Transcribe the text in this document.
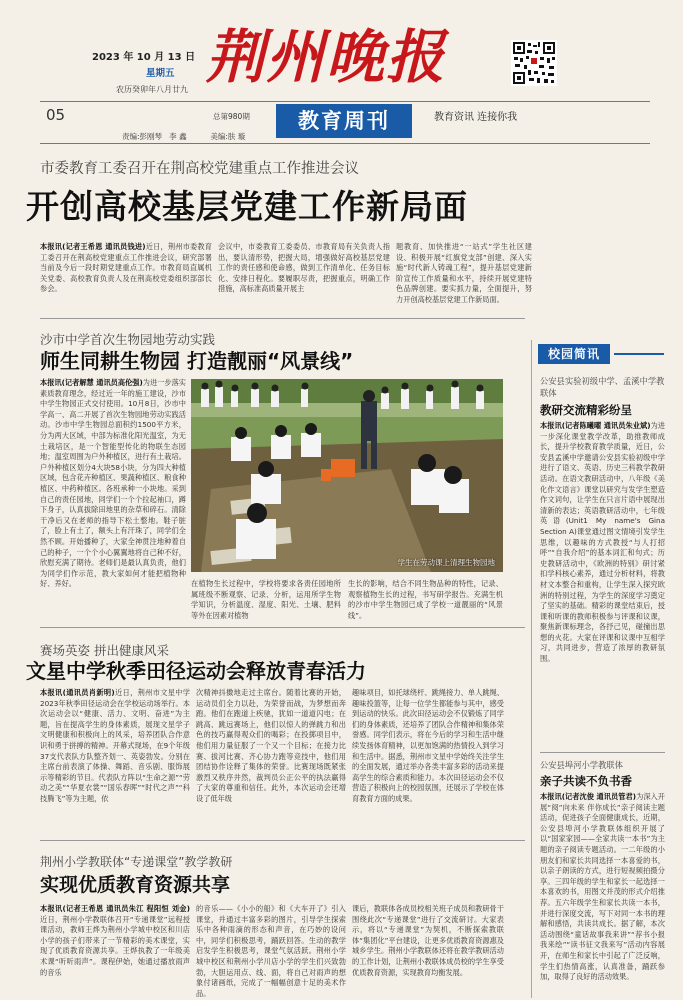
2023 年 10 月 13 日
星期五
农历癸卯年八月廿九 荆州晚报
05	总第980期	教育周刊	教育资讯 连接你我
责编:彭刚琴   李 鑫          美编:肤 璇
市委教育工委召开在荆高校党建重点工作推进会议
开创高校基层党建工作新局面
本报讯(记者王希恩 通讯员钱进)近日，荆州市委教育工委召开在荆高校党建重点工作推进会议，研究部署当前及今后一段时期党建重点工作。市教育局直属机关党委、高校教育负责人及在荆高校党委组织部部长参会。
会议中，市委教育工委委员、市教育局有关负责人指出，要认清形势，把握大局，增强做好高校基层党建工作的责任感和使命感，做到工作清单化、任务目标化、安排日程化。要履职尽责，把握重点，明确工作措施，高标准高质量开展主
题教育、加快推进“一站式”学生社区建设、积极开展“红旗党支部”创建、深入实施“时代新人铸魂工程”，提升基层党建新阶宣传工作质量和水平，持续开展党建特色品牌创建。要实抓力量，全面提升，努力开创高校基层党建工作新局面。
沙市中学首次生物园地劳动实践
师生同耕生物园 打造靓丽“风景线”
本报讯(记者解慧 通讯员高伦强)为进一步落实素质教育理念，经过近一年的施工建设，沙市中学生物园正式交付使用。10月8日，沙市中学高一、高二开展了首次生物园地劳动实践活动。沙市中学生物园总面积约1500平方米，分为两大区域，中部为标准化阳光温室，为无土栽培区，是一个智能型传化的物联生态园地；温室周围为户外种植区，进行有土栽培。户外种植区划分4大块58小块，分为四大种植区域，包含花卉种植区、果蔬种植区、粮食种植区、中药种植区。各班承种一小块地。采到自己的责任园地，同学们一个个拉起袖口，蹲下身子，认真拔除田地里的杂草和碎石。清除干净后又在老师的指导下松土整地。鞋子脏了，脸上有土了，额头上有汗珠了，同学们全然不顾。开始播种了，大家全神贯注地种着自己的种子，一个个小心翼翼地将自己种不好，欣慰充满了期待。老师们是最认真负责，他们为同学们作示范，教大家如何才能把植物种好、养好。
学生在劳动课上清理生物园地
在植物生长过程中，学校将要求各责任园地所属班级不断观察、记录、分析，运用所学生物学知识，分析温度、湿度、阳光、土壤、肥料等外在因素对植物
生长的影响，结合不同生物品种的特性，记录、观察植物生长的过程，书写研学报告。充满生机的沙市中学生物园已成了学校一道靓丽的“风景线”。
赛场英姿 拼出健康风采
文星中学秋季田径运动会释放青春活力
本报讯(通讯员肖新明)近日，荆州市文星中学2023年秋季田径运动会在学校运动场举行。本次运动会以“健康、活力、文明、奋进”为主题，旨在提高学生的身体素质，展现文星学子文明健康和积极向上的风采，培养团队合作意识和勇于拼搏的精神。开幕式现场，在9个年级37支代表队方队整齐划一、英姿勃发。分别在主席台前表演了体操、舞蹈、音乐剧、服饰展示等精彩的节目。代表队方阵以“生命之源”“劳动之美”“华夏衣裳”“国乐春晖”“时代之声”“科技腾飞”等为主题，依
次精神抖擞地走过主席台。随着比赛的开始，运动员们全力以赴，为荣誉而战，为梦想而奔跑。他们在跑道上疾驰，犹如一道道闪电；在跳高、跳远赛场上，他们以惊人的弹跳力和出色的技巧赢得观众们的喝彩；在投掷项目中，他们用力量征服了一个又一个目标；在接力比赛、拔河比赛、齐心协力跑等竞技中，他们用团结协作诠释了集体的荣誉。比赛现场既紧张激烈又秩序井然，裁判员公正公平的执法赢得了大家的尊重和信任。此外，本次运动会还增设了低年级
趣味项目，如托球绕杆、跳绳接力、单人跳绳、趣味投篮等，让每一位学生都能参与其中，感受到运动的快乐。此次田径运动会不仅锻炼了同学们的身体素质，还培养了团队合作精神和集体荣誉感。同学们表示，将在今后的学习和生活中继续发扬体育精神，以更加饱满的热情投入到学习和生活中。据悉，荆州市文星中学始终关注学生的全面发展，通过举办各类丰富多彩的活动来提高学生的综合素质和能力。本次田径运动会不仅营造了积极向上的校园氛围，还展示了学校在体育教育方面的成果。
荆州小学教联体“专递课堂”教学教研
实现优质教育资源共享
本报讯(记者王希恩 通讯员朱江 程阳恒 刘金)近日，荆州小学教联体召开“专递课堂”远程授课活动，教师王烨为荆州小学城中校区和川店小学的孩子们带来了一节精彩的美术课堂，实现了优质教育资源共享。王烨执教了一年级美术课“听听雨声”。课程伊始，她通过播放雨声的音乐
的音乐——《小小的船》和《大车开了》引入课堂，并通过丰富多彩的图片，引导学生探索乐中各种雨滴的形态和声音，在巧妙的设问中，同学们积极思考，踊跃回答。生动的教学启发学生积极思考，课堂气氛活跃。荆州小学城中校区和荆州小学川店小学的学生们兴致勃勃，大胆运用点、线、面，将自己对雨声的想象付诸画纸，完成了一幅幅创意十足的美术作品。
课后，教联体各成员校相关班子成员和教研骨干围绕此次“专递课堂”进行了交流研讨。大家表示，将以“专递课堂”为契机，不断探索教联体“集团化”平台建设，让更多优质教育资源惠及城乡学生。荆州小学教联体还将在教学教研活动的工作计划，让荆州小教联体成员校的学生享受优质教育资源，实现教育均衡发展。
校园简讯
公安县实验初级中学、孟溪中学教联体
教研交流精彩纷呈
本报讯(记者陈曦曜 通讯员朱业斌)为进一步深化课堂教学改革，助推教师成长，提升学校教育教学质量，近日，公安县孟溪中学邀请公安县实验初级中学进行了语文、英语、历史三科教学教研活动。在语文教研活动中，八年级《美化作文语言》课堂以研究与发学生塑造作文词句，让学生在只言片语中展现出清新的表达；英语教研活动中，七年级英语(Unit1 My name's Gina Section A)课堂通过图文情境引发学生思维，以趣味的方式教授“与人打招呼”“自我介绍”的基本词汇和句式；历史教研活动中，《欧洲的特别》研讨紧扣学科核心素养，通过分析材料，将教材文本整合和重构，让学生深入探究欧洲的特别过程，为学生的深度学习奠定了坚实的基础。精彩的课堂结束后，授课和听课的教师积极参与评课和议课，聚焦新课标理念，各抒己见，碰撞出思想的火花。大家在评课和议课中互相学习，共同进步，营造了浓厚的教研氛围。
公安县埠河小学教联体
亲子共读不负书香
本报讯(记者沈俊 通讯员管君)为深入开展“阅”向未来 伴你成长”亲子阅读主题活动，促进孩子全面健康成长，近期，公安县埠河小学教联体组织开展了以“国家家园——全家共读一本书”为主题的亲子阅读专题活动。一二年级的小朋友们和家长共同选择一本喜爱的书，以亲子朗读的方式，进行短视频拍摄分享。三四年级的学生和家长一起选择一本喜欢的书，用图文并茂的形式介绍推荐。五六年级学生和家长共读一本书，并进行深度交流，写下对同一本书的理解和感悟，共读共成长。据了解，本次活动围绕“童话故事我来讲”“荐书小报我来绘”“读书征文我来写”活动内容展开，在师生和家长中引起了广泛反响，学生们热情高涨，认真准备，踊跃参加，取得了良好的活动效果。
